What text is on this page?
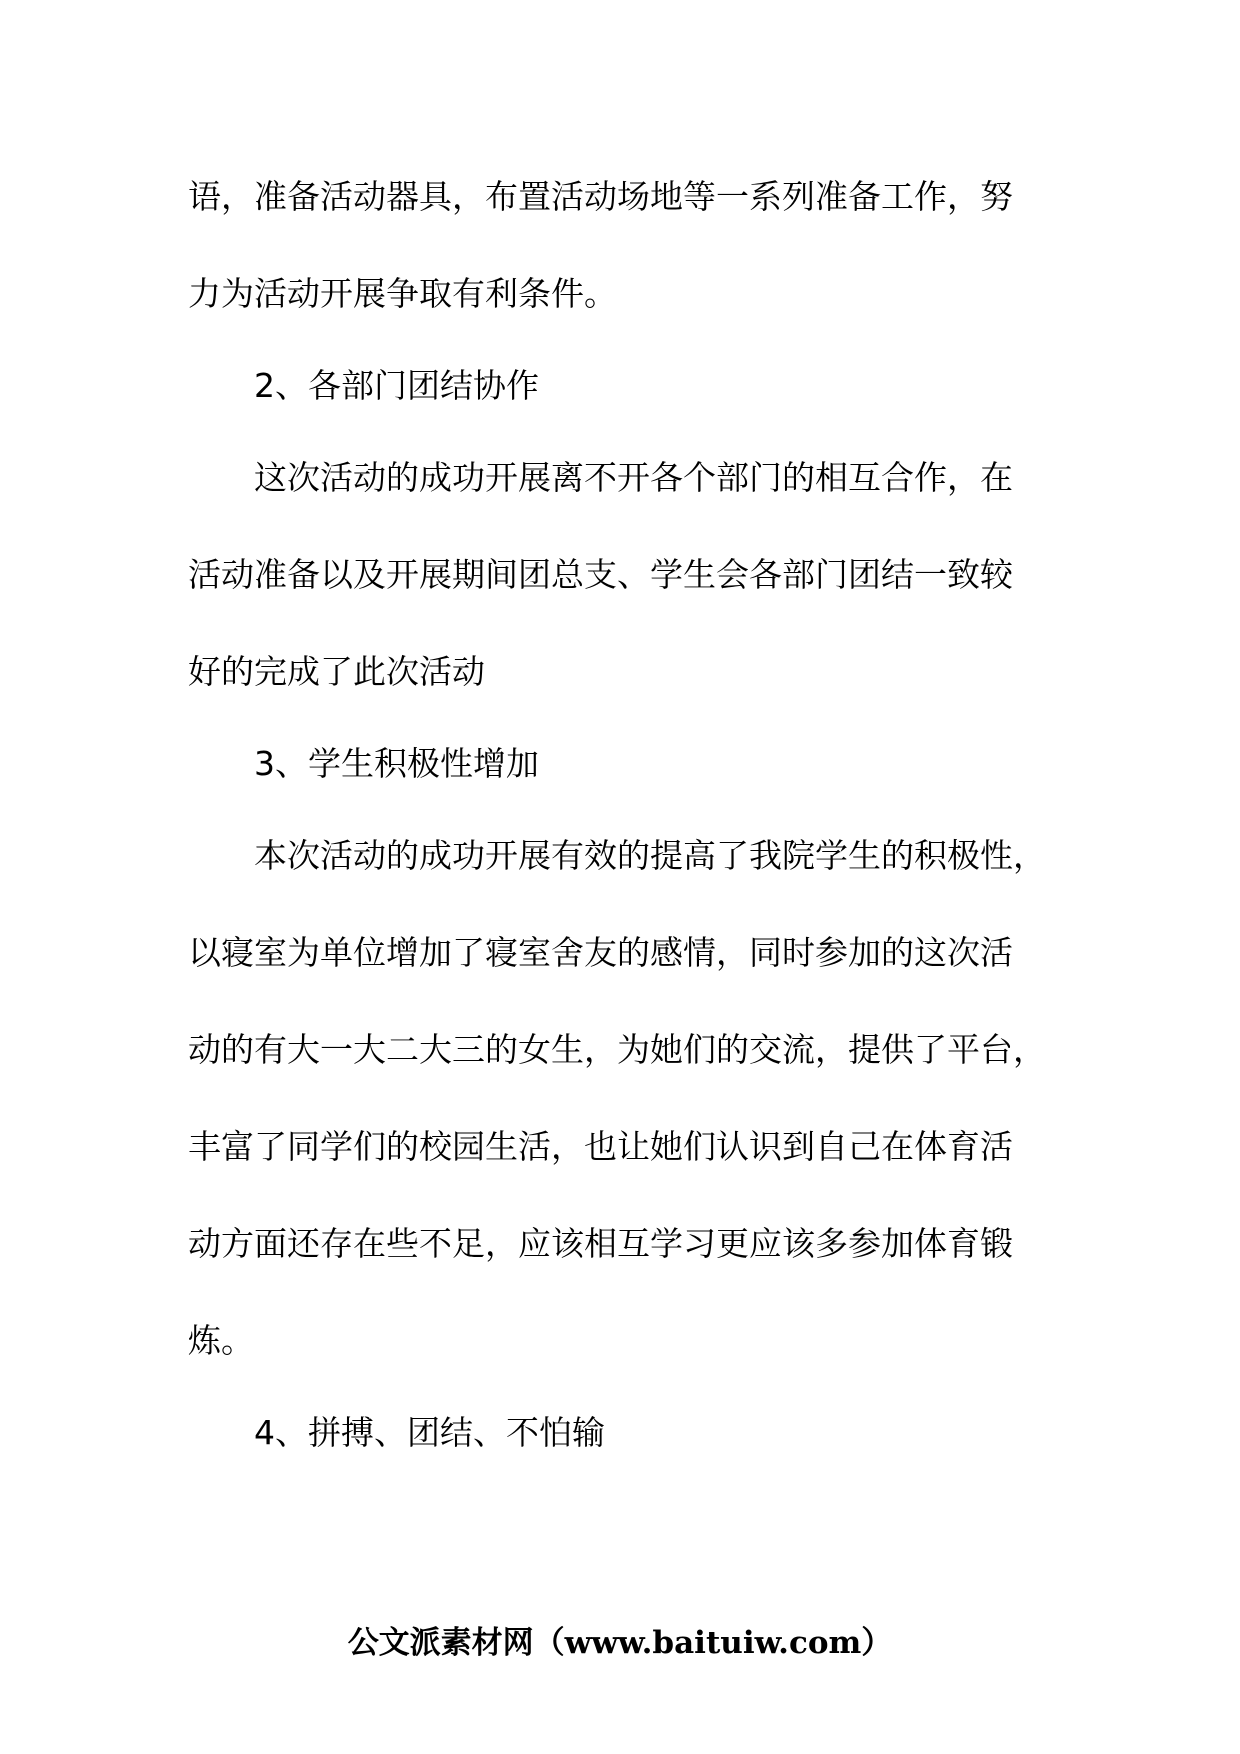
语，准备活动器具，布置活动场地等一系列准备工作，努
力为活动开展争取有利条件。
2、各部门团结协作
这次活动的成功开展离不开各个部门的相互合作，在
活动准备以及开展期间团总支、学生会各部门团结一致较
好的完成了此次活动
3、学生积极性增加
本次活动的成功开展有效的提高了我院学生的积极性，
以寝室为单位增加了寝室舍友的感情，同时参加的这次活
动的有大一大二大三的女生，为她们的交流，提供了平台，
丰富了同学们的校园生活，也让她们认识到自己在体育活
动方面还存在些不足，应该相互学习更应该多参加体育锻
炼。
4、拼搏、团结、不怕输
公文派素材网（www.baituiw.com）
